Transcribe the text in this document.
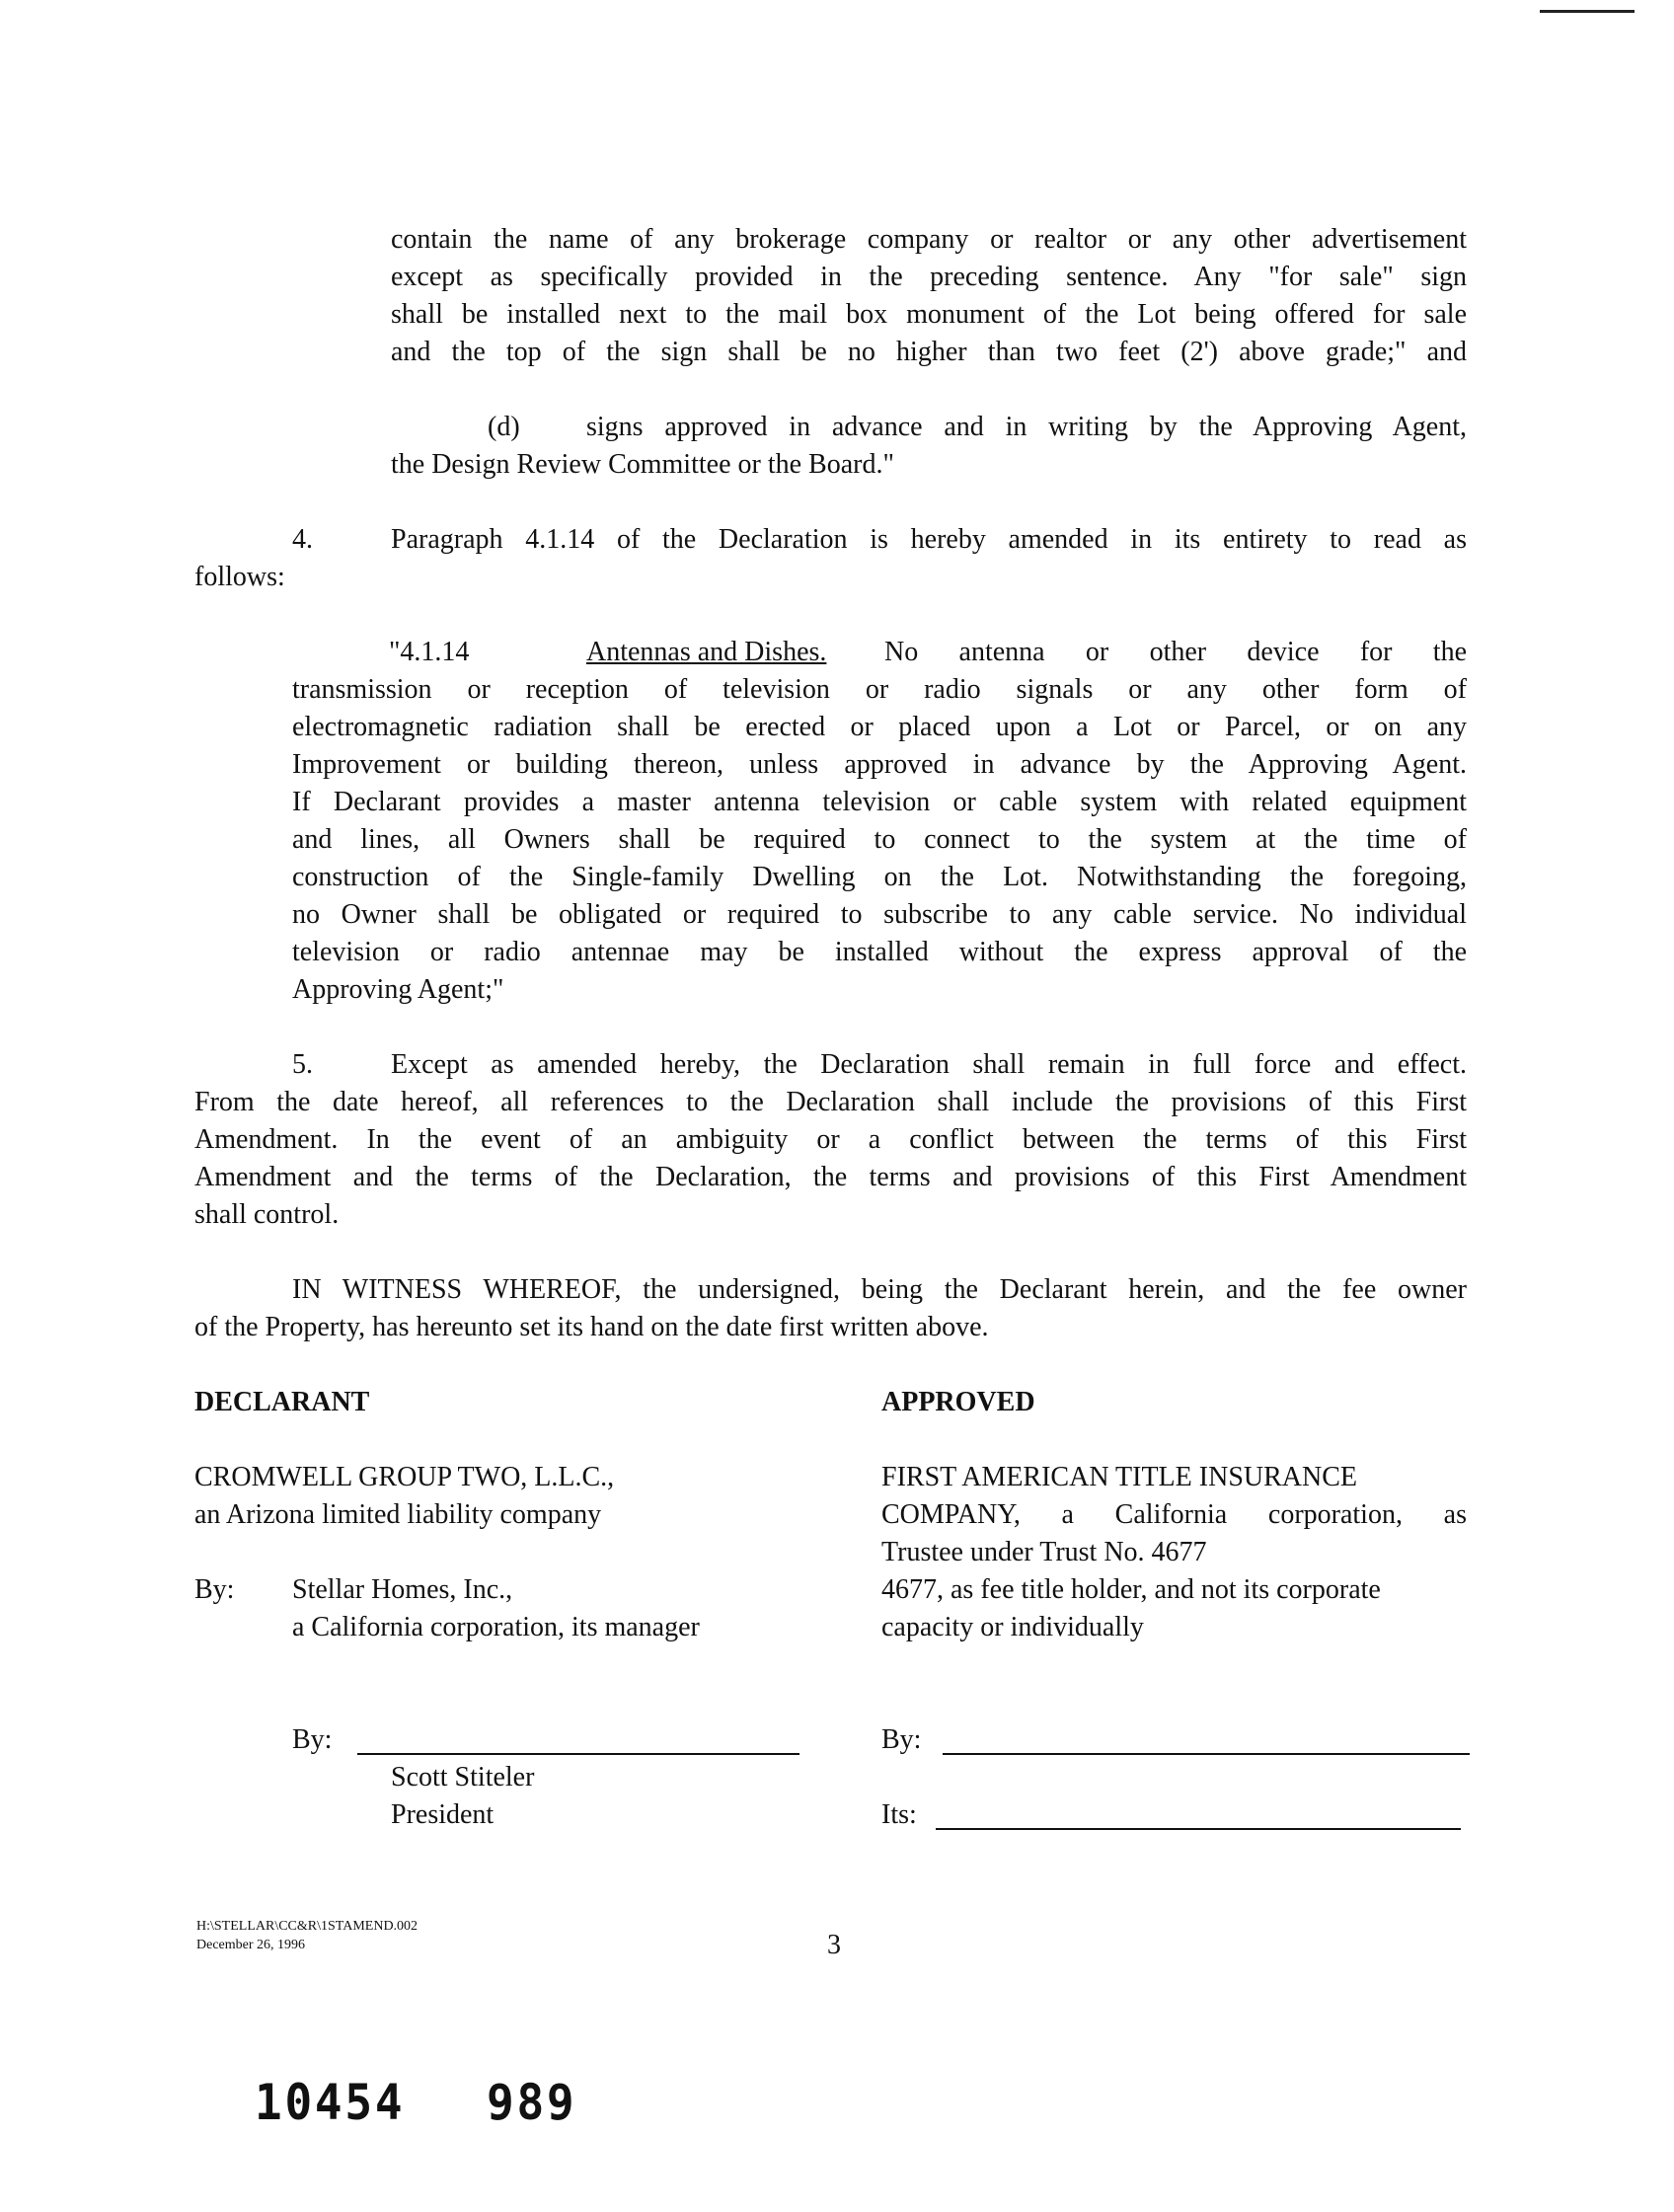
contain the name of any brokerage company or realtor or any other advertisement
except as specifically provided in the preceding sentence. Any "for sale" sign
shall be installed next to the mail box monument of the Lot being offered for sale
and the top of the sign shall be no higher than two feet (2') above grade;" and
(d) signs approved in advance and in writing by the Approving Agent,
the Design Review Committee or the Board."
4.	Paragraph 4.1.14 of the Declaration is hereby amended in its entirety to read as
follows:
"4.1.14	Antennas and Dishes. No antenna or other device for the
transmission or reception of television or radio signals or any other form of
electromagnetic radiation shall be erected or placed upon a Lot or Parcel, or on any
Improvement or building thereon, unless approved in advance by the Approving Agent.
If Declarant provides a master antenna television or cable system with related equipment
and lines, all Owners shall be required to connect to the system at the time of
construction of the Single-family Dwelling on the Lot. Notwithstanding the foregoing,
no Owner shall be obligated or required to subscribe to any cable service. No individual
television or radio antennae may be installed without the express approval of the
Approving Agent;"
5.	Except as amended hereby, the Declaration shall remain in full force and effect.
From the date hereof, all references to the Declaration shall include the provisions of this First
Amendment. In the event of an ambiguity or a conflict between the terms of this First
Amendment and the terms of the Declaration, the terms and provisions of this First Amendment
shall control.
IN WITNESS WHEREOF, the undersigned, being the Declarant herein, and the fee owner
of the Property, has hereunto set its hand on the date first written above.
DECLARANT
CROMWELL GROUP TWO, L.L.C.,
an Arizona limited liability company
By: Stellar Homes, Inc.,
a California corporation, its manager
By:
Scott Stiteler
President
APPROVED
FIRST AMERICAN TITLE INSURANCE
COMPANY, a California corporation, as
Trustee under Trust No. 4677
4677, as fee title holder, and not its corporate
capacity or individually
By:
Its:
H:\STELLAR\CC&R\1STAMEND.002
December 26, 1996	3
10454 989
